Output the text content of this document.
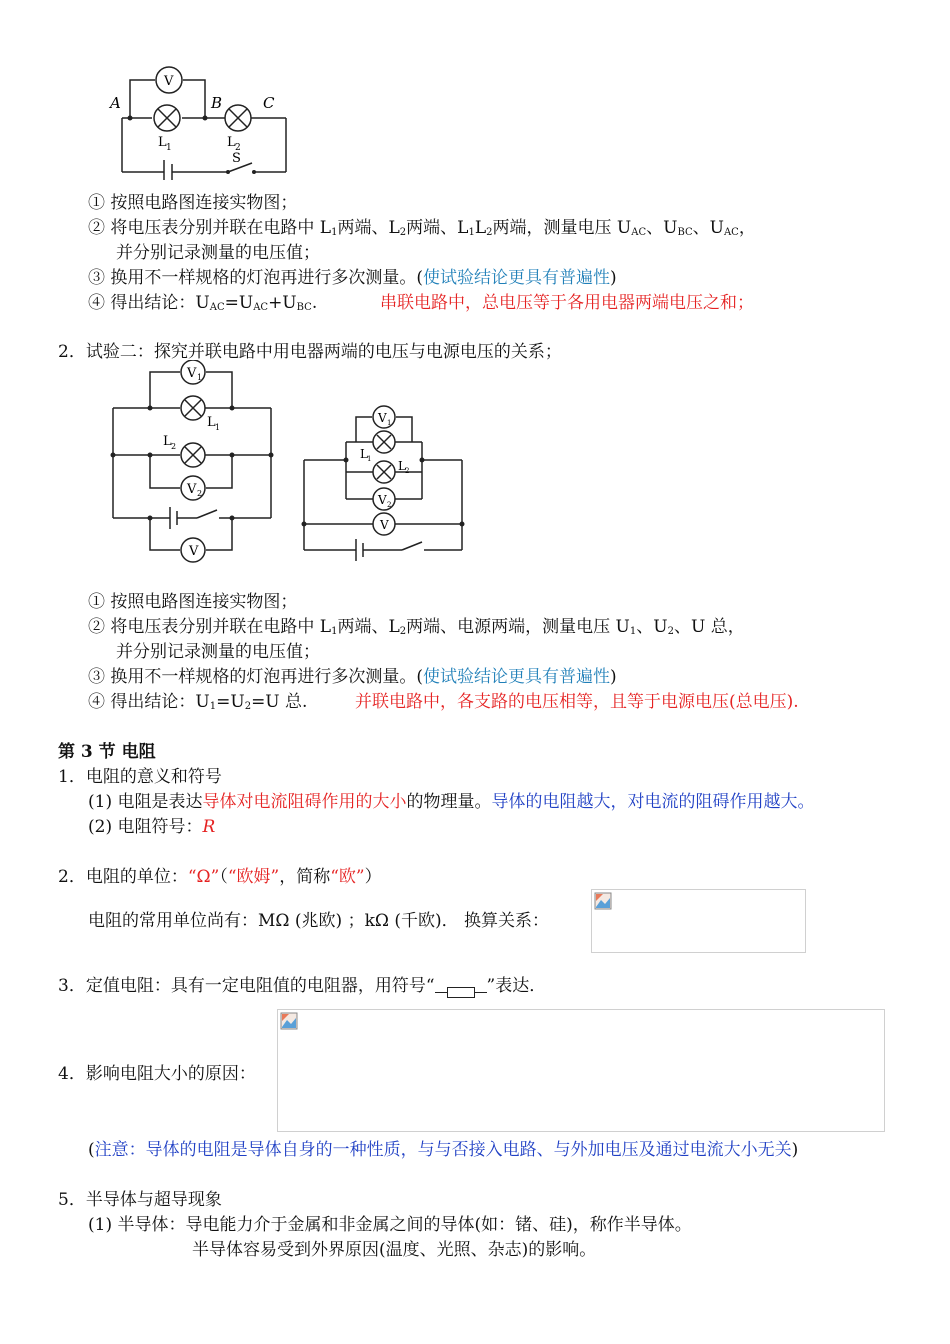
V
A	B	C
L 1	L 2
S
① 按照电路图连接实物图；
② 将电压表分别并联在电路中 $L_1$两端、$L_2$两端、$L_1L_2$两端，测量电压 $U_{AC}$、$U_{BC}$、$U_{AC}$，
并分别记录测量的电压值；
③ 换用不一样规格的灯泡再进行多次测量。(使试验结论更具有普遍性)
④ 得出结论：$U_{AC}=U_{AC}+U_{BC}$.	串联电路中，总电压等于各用电器两端电压之和；
2．试验二：探究并联电路中用电器两端的电压与电源电压的关系；
V 1
L 1
L 2
V 2
V
V 1
L 1 L 2
V 2
V
① 按照电路图连接实物图；
② 将电压表分别并联在电路中 $L_1$两端、$L_2$两端、电源两端，测量电压 $U_1$、$U_2$、U 总，
并分别记录测量的电压值；
③ 换用不一样规格的灯泡再进行多次测量。(使试验结论更具有普遍性)
④ 得出结论：$U_1=U_2=U$ 总.	并联电路中，各支路的电压相等，且等于电源电压(总电压).
第 3 节 电阻
1．电阻的意义和符号
(1) 电阻是表达导体对电流阻碍作用的大小的物理量。导体的电阻越大，对电流的阻碍作用越大。
(2) 电阻符号：R
2．电阻的单位：“Ω”（“欧姆”，简称“欧”）
电阻的常用单位尚有：MΩ (兆欧) ；kΩ (千欧)． 换算关系：
3．定值电阻：具有一定电阻值的电阻器，用符号“	”表达．
4．影响电阻大小的原因：
(注意：导体的电阻是导体自身的一种性质，与与否接入电路、与外加电压及通过电流大小无关)
5．半导体与超导现象
(1) 半导体：导电能力介于金属和非金属之间的导体(如：锗、硅)，称作半导体。
半导体容易受到外界原因(温度、光照、杂志)的影响。
